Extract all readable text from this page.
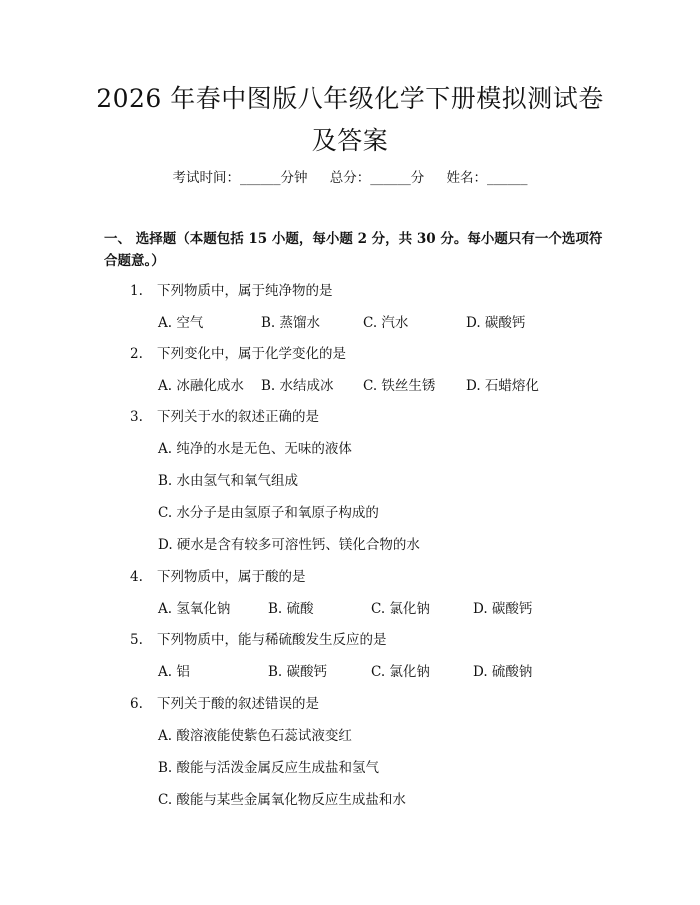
2026 年春中图版八年级化学下册模拟测试卷
及答案
考试时间：______分钟 总分：______分 姓名：______
一、 选择题（本题包括 15 小题，每小题 2 分，共 30 分。每小题只有一个选项符合题意。）
1. 下列物质中，属于纯净物的是
A. 空气	B. 蒸馏水	C. 汽水	D. 碳酸钙
2. 下列变化中，属于化学变化的是
A. 冰融化成水 B. 水结成冰 C. 铁丝生锈 D. 石蜡熔化
3. 下列关于水的叙述正确的是
A. 纯净的水是无色、无味的液体
B. 水由氢气和氧气组成
C. 水分子是由氢原子和氧原子构成的
D. 硬水是含有较多可溶性钙、镁化合物的水
4. 下列物质中，属于酸的是
A. 氢氧化钠	B. 硫酸	C. 氯化钠	D. 碳酸钙
5. 下列物质中，能与稀硫酸发生反应的是
A. 铝	B. 碳酸钙	C. 氯化钠	D. 硫酸钠
6. 下列关于酸的叙述错误的是
A. 酸溶液能使紫色石蕊试液变红
B. 酸能与活泼金属反应生成盐和氢气
C. 酸能与某些金属氧化物反应生成盐和水
